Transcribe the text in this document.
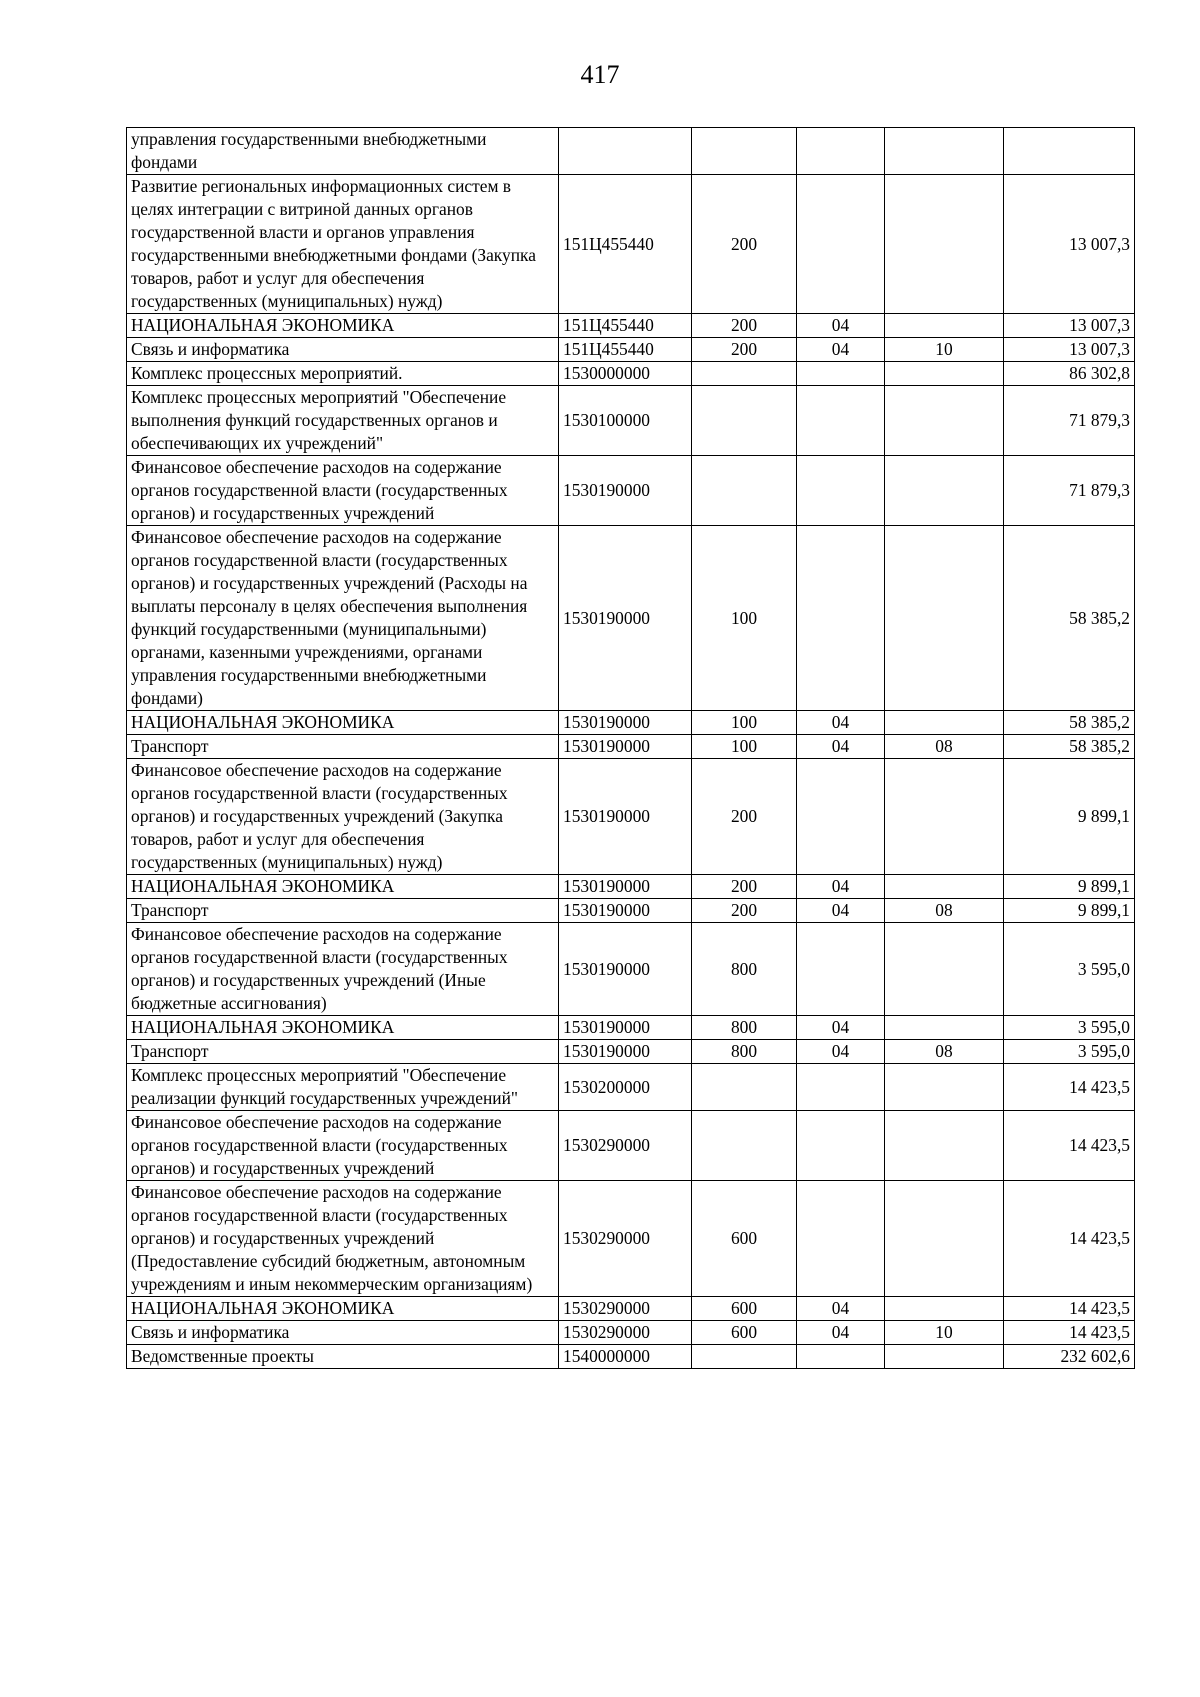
417
управления государственными внебюджетными фондами					
Развитие региональных информационных систем в целях интеграции с витриной данных органов государственной власти и органов управления государственными внебюджетными фондами (Закупка товаров, работ и услуг для обеспечения государственных (муниципальных) нужд)	151Ц455440	200			13 007,3
НАЦИОНАЛЬНАЯ ЭКОНОМИКА	151Ц455440	200	04		13 007,3
Связь и информатика	151Ц455440	200	04	10	13 007,3
Комплекс процессных мероприятий.	1530000000				86 302,8
Комплекс процессных мероприятий "Обеспечение выполнения функций государственных органов и обеспечивающих их учреждений"	1530100000				71 879,3
Финансовое обеспечение расходов на содержание органов государственной власти (государственных органов) и государственных учреждений	1530190000				71 879,3
Финансовое обеспечение расходов на содержание органов государственной власти (государственных органов) и государственных учреждений (Расходы на выплаты персоналу в целях обеспечения выполнения функций государственными (муниципальными) органами, казенными учреждениями, органами управления государственными внебюджетными фондами)	1530190000	100			58 385,2
НАЦИОНАЛЬНАЯ ЭКОНОМИКА	1530190000	100	04		58 385,2
Транспорт	1530190000	100	04	08	58 385,2
Финансовое обеспечение расходов на содержание органов государственной власти (государственных органов) и государственных учреждений (Закупка товаров, работ и услуг для обеспечения государственных (муниципальных) нужд)	1530190000	200			9 899,1
НАЦИОНАЛЬНАЯ ЭКОНОМИКА	1530190000	200	04		9 899,1
Транспорт	1530190000	200	04	08	9 899,1
Финансовое обеспечение расходов на содержание органов государственной власти (государственных органов) и государственных учреждений (Иные бюджетные ассигнования)	1530190000	800			3 595,0
НАЦИОНАЛЬНАЯ ЭКОНОМИКА	1530190000	800	04		3 595,0
Транспорт	1530190000	800	04	08	3 595,0
Комплекс процессных мероприятий "Обеспечение реализации функций государственных учреждений"	1530200000				14 423,5
Финансовое обеспечение расходов на содержание органов государственной власти (государственных органов) и государственных учреждений	1530290000				14 423,5
Финансовое обеспечение расходов на содержание органов государственной власти (государственных органов) и государственных учреждений (Предоставление субсидий бюджетным, автономным учреждениям и иным некоммерческим организациям)	1530290000	600			14 423,5
НАЦИОНАЛЬНАЯ ЭКОНОМИКА	1530290000	600	04		14 423,5
Связь и информатика	1530290000	600	04	10	14 423,5
Ведомственные проекты	1540000000				232 602,6
